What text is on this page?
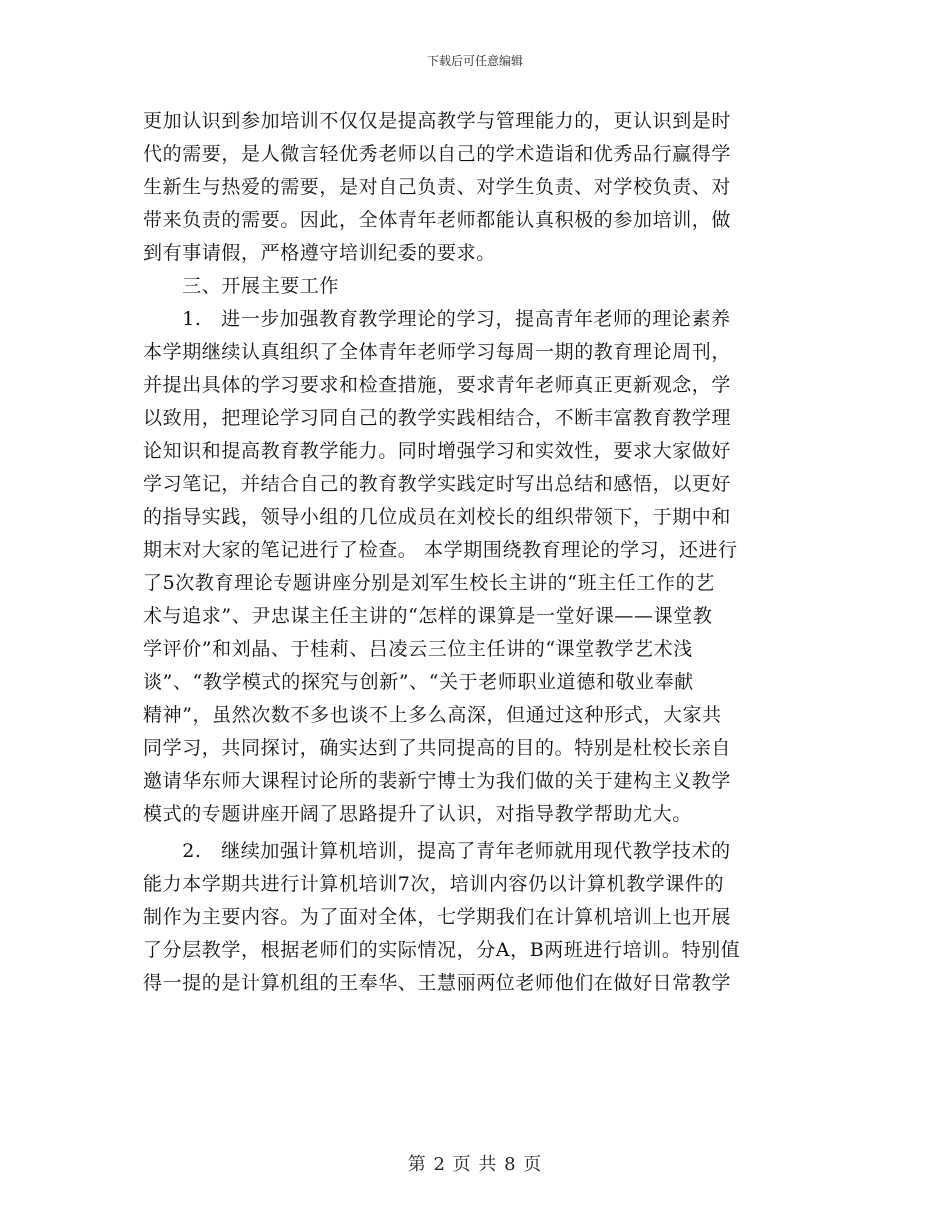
下载后可任意编辑
更加认识到参加培训不仅仅是提高教学与管理能力的，更认识到是时
代的需要，是人微言轻优秀老师以自己的学术造诣和优秀品行赢得学
生新生与热爱的需要，是对自己负责、对学生负责、对学校负责、对
带来负责的需要。因此，全体青年老师都能认真积极的参加培训，做
到有事请假，严格遵守培训纪委的要求。
　　三、开展主要工作
　　1.　进一步加强教育教学理论的学习，提高青年老师的理论素养
本学期继续认真组织了全体青年老师学习每周一期的教育理论周刊，
并提出具体的学习要求和检查措施，要求青年老师真正更新观念，学
以致用，把理论学习同自己的教学实践相结合，不断丰富教育教学理
论知识和提高教育教学能力。同时增强学习和实效性，要求大家做好
学习笔记，并结合自己的教育教学实践定时写出总结和感悟，以更好
的指导实践，领导小组的几位成员在刘校长的组织带领下，于期中和
期末对大家的笔记进行了检查。 本学期围绕教育理论的学习，还进行
了5次教育理论专题讲座分别是刘军生校长主讲的“班主任工作的艺
术与追求”、尹忠谋主任主讲的“怎样的课算是一堂好课——课堂教
学评价”和刘晶、于桂莉、吕凌云三位主任讲的“课堂教学艺术浅
谈”、“教学模式的探究与创新”、“关于老师职业道德和敬业奉献
精神”，虽然次数不多也谈不上多么高深，但通过这种形式，大家共
同学习，共同探讨，确实达到了共同提高的目的。特别是杜校长亲自
邀请华东师大课程讨论所的裴新宁博士为我们做的关于建构主义教学
模式的专题讲座开阔了思路提升了认识，对指导教学帮助尤大。
　　2.　继续加强计算机培训，提高了青年老师就用现代教学技术的
能力本学期共进行计算机培训7次，培训内容仍以计算机教学课件的
制作为主要内容。为了面对全体，七学期我们在计算机培训上也开展
了分层教学，根据老师们的实际情况，分A，B两班进行培训。特别值
得一提的是计算机组的王奉华、王慧丽两位老师他们在做好日常教学
第 2 页 共 8 页
